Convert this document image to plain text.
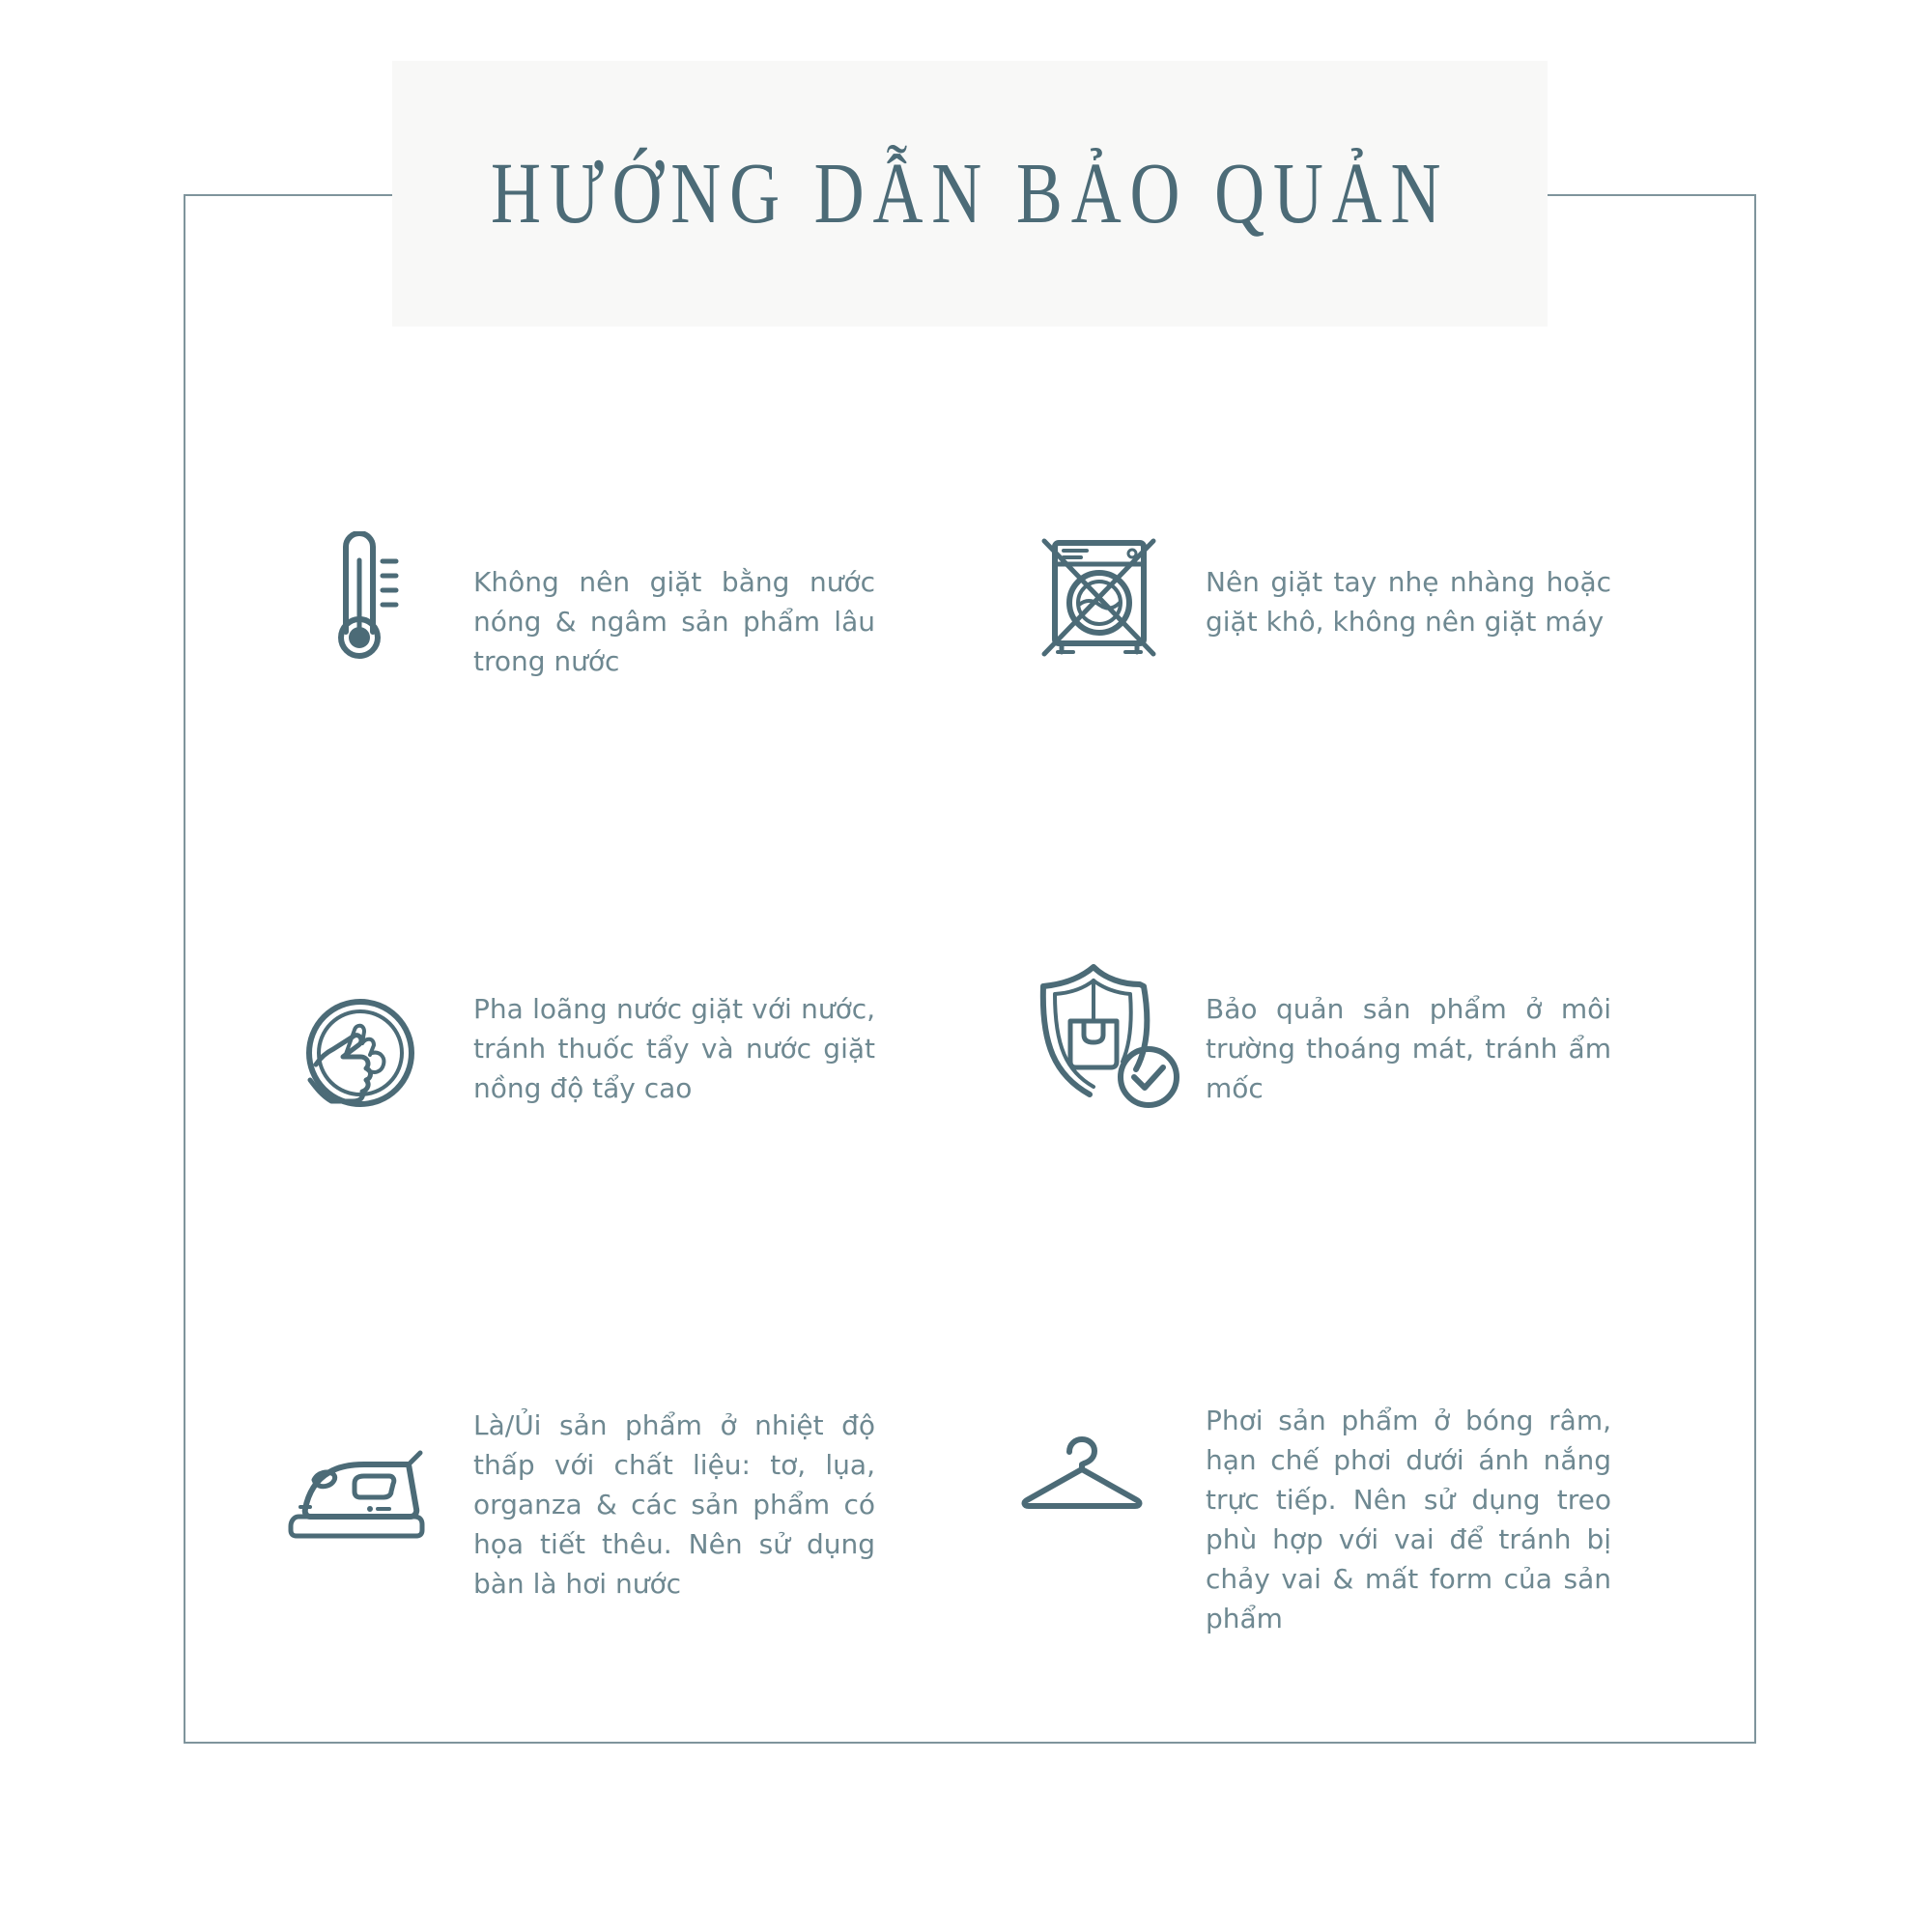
HƯỚNG DẪN BẢO QUẢN

Không nên giặt bằng nước nóng & ngâm sản phẩm lâu trong nước

Nên giặt tay nhẹ nhàng hoặc giặt khô, không nên giặt máy

Pha loãng nước giặt với nước, tránh thuốc tẩy và nước giặt nồng độ tẩy cao

Bảo quản sản phẩm ở môi trường thoáng mát, tránh ẩm mốc

Là/Ủi sản phẩm ở nhiệt độ thấp với chất liệu: tơ, lụa, organza & các sản phẩm có họa tiết thêu. Nên sử dụng bàn là hơi nước

Phơi sản phẩm ở bóng râm, hạn chế phơi dưới ánh nắng trực tiếp. Nên sử dụng treo phù hợp với vai để tránh bị chảy vai & mất form của sản phẩm
